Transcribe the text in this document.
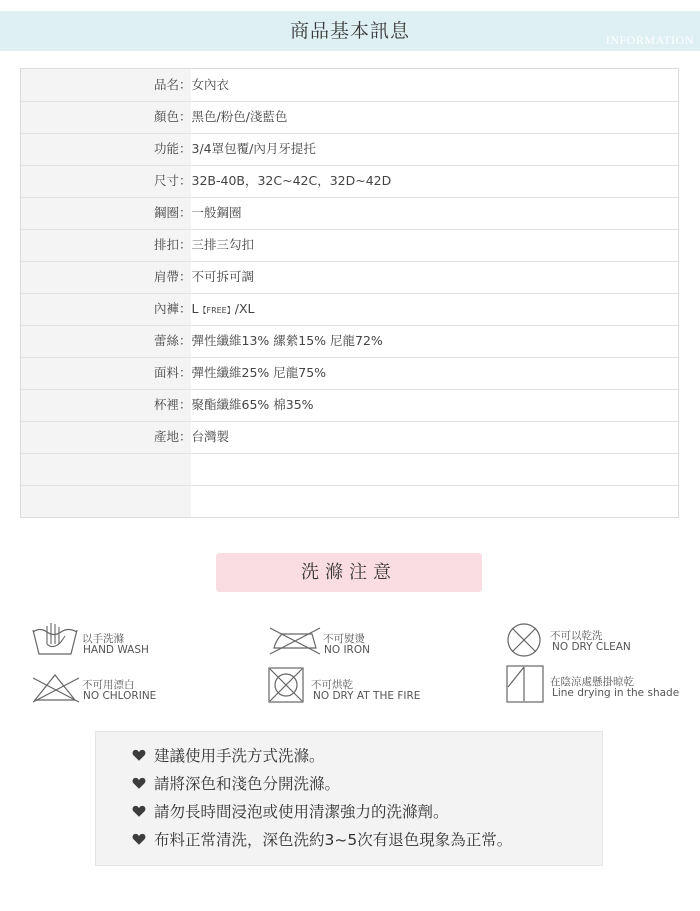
商品基本訊息	INFORMATION
品名：女內衣
顏色：黑色/粉色/淺藍色
功能：3/4罩包覆/內月牙提托
尺寸：32B-40B，32C~42C，32D~42D
鋼圈：一般鋼圈
排扣：三排三勾扣
肩帶：不可拆可調
內褲：L【FREE】/XL
蕾絲：彈性纖維13% 縲縈15% 尼龍72%
面料：彈性纖維25% 尼龍75%
杯裡：聚酯纖維65% 棉35%
產地：台灣製
洗滌注意
以手洗滌
HAND WASH
不可熨燙
NO IRON
不可以乾洗
NO DRY CLEAN
不可用漂白
NO CHLORINE
不可烘乾
NO DRY AT THE FIRE
在陰涼處懸掛晾乾
Line drying in the shade
建議使用手洗方式洗滌。
請將深色和淺色分開洗滌。
請勿長時間浸泡或使用清潔強力的洗滌劑。
布料正常清洗，深色洗約3~5次有退色現象為正常。
